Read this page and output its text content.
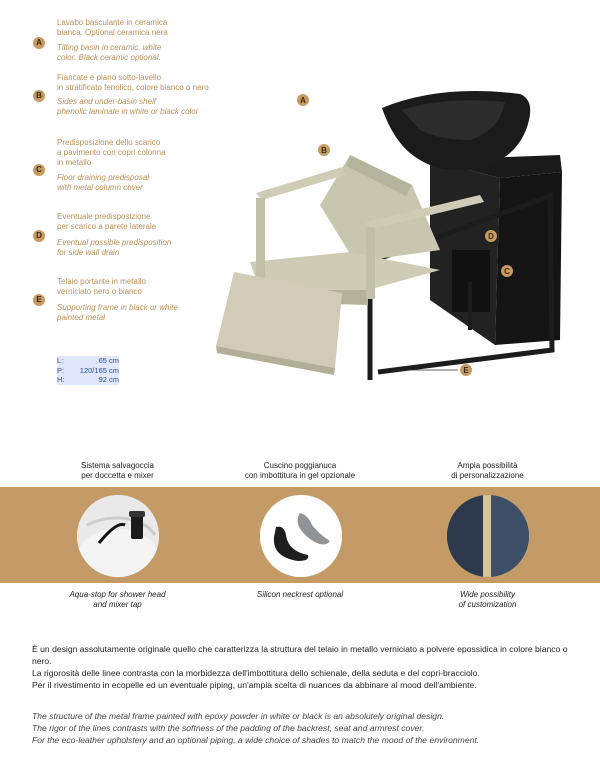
A
Lavabo basculante in ceramica
bianca. Optional ceramica nera
Tilting basin in ceramic, white
color. Black ceramic optional.
B
Fiancate e piano sotto-lavello
in stratificato fenolico, colore bianco o nero
Sides and under-basin shelf
phenolic laminate in white or black color
C
Predisposizione dello scarico
a pavimento con copri colonna
in metallo
Floor draining predisposal
with metal column cover
D
Eventuale predisposizione
per scarico a parete laterale
Eventual possible predisposition
for side wall drain
E
Telaio portante in metallo
verniciato nero o bianco
Supporting frame in black or white
painted metal
L:	65 cm
P:	120/165 cm
H:	92 cm
A
B
D
C
E
Sistema salvagoccia
per doccetta e mixer
Cuscino poggianuca
con imbottitura in gel opzionale
Ampia possibilità
di personalizzazione
Aqua-stop for shower head
and mixer tap
Silicon neckrest optional	Wide possibility
of customization

È un design assolutamente originale quello che caratterizza la struttura del telaio in metallo verniciato a polvere epossidica in colore bianco o nero.

La rigorosità delle linee contrasta con la morbidezza dell'imbottitura dello schienale, della seduta e del copri-bracciolo.

Per il rivestimento in ecopelle ed un eventuale piping, un'ampia scelta di nuances da abbinare al mood dell'ambiente.

The structure of the metal frame painted with epoxy powder in white or black is an absolutely original design.

The rigor of the lines contrasts with the softness of the padding of the backrest, seat and armrest cover.

For the eco-leather upholstery and an optional piping, a wide choice of shades to match the mood of the environment.
